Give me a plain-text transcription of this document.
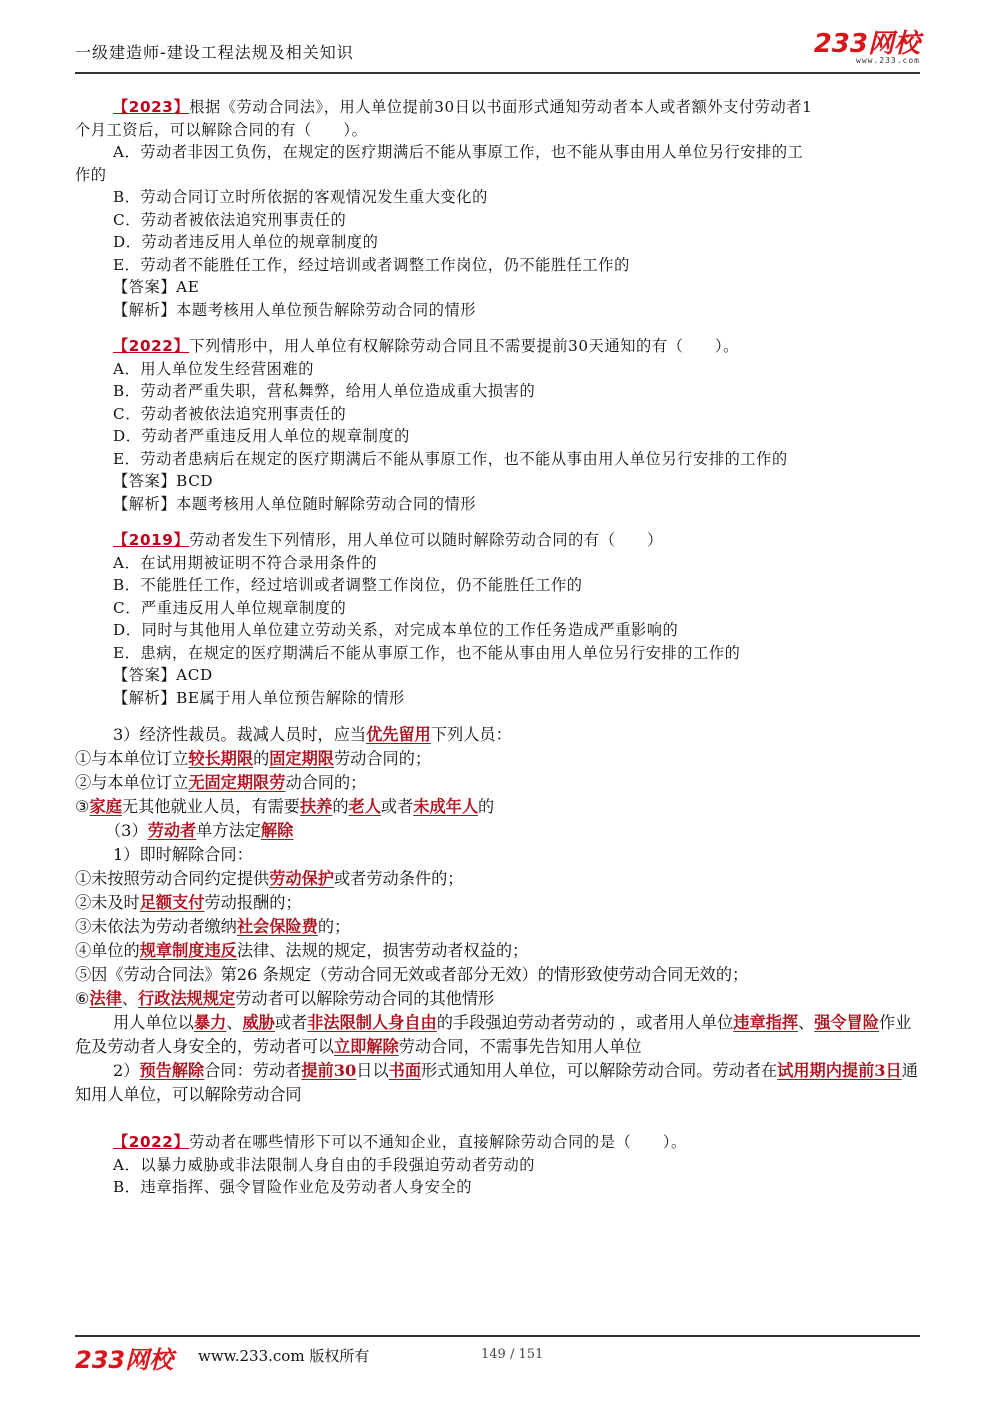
一级建造师-建设工程法规及相关知识	233网校
www.233.com
【2023】根据《劳动合同法》，用人单位提前30日以书面形式通知劳动者本人或者额外支付劳动者1
个月工资后，可以解除合同的有（　　）。
A．劳动者非因工负伤，在规定的医疗期满后不能从事原工作，也不能从事由用人单位另行安排的工
作的
B．劳动合同订立时所依据的客观情况发生重大变化的
C．劳动者被依法追究刑事责任的
D．劳动者违反用人单位的规章制度的
E．劳动者不能胜任工作，经过培训或者调整工作岗位，仍不能胜任工作的
【答案】AE
【解析】本题考核用人单位预告解除劳动合同的情形
【2022】下列情形中，用人单位有权解除劳动合同且不需要提前30天通知的有（　　）。
A．用人单位发生经营困难的
B．劳动者严重失职，营私舞弊，给用人单位造成重大损害的
C．劳动者被依法追究刑事责任的
D．劳动者严重违反用人单位的规章制度的
E．劳动者患病后在规定的医疗期满后不能从事原工作，也不能从事由用人单位另行安排的工作的
【答案】BCD
【解析】本题考核用人单位随时解除劳动合同的情形
【2019】劳动者发生下列情形，用人单位可以随时解除劳动合同的有（　　）
A．在试用期被证明不符合录用条件的
B．不能胜任工作，经过培训或者调整工作岗位，仍不能胜任工作的
C．严重违反用人单位规章制度的
D．同时与其他用人单位建立劳动关系，对完成本单位的工作任务造成严重影响的
E．患病，在规定的医疗期满后不能从事原工作，也不能从事由用人单位另行安排的工作的
【答案】ACD
【解析】BE属于用人单位预告解除的情形
3）经济性裁员。裁减人员时，应当优先留用下列人员：
①与本单位订立较长期限的固定期限劳动合同的；
②与本单位订立无固定期限劳动合同的；
③家庭无其他就业人员，有需要扶养的老人或者未成年人的
（3）劳动者单方法定解除
1）即时解除合同：
①未按照劳动合同约定提供劳动保护或者劳动条件的；
②未及时足额支付劳动报酬的；
③未依法为劳动者缴纳社会保险费的；
④单位的规章制度违反法律、法规的规定，损害劳动者权益的；
⑤因《劳动合同法》第26 条规定（劳动合同无效或者部分无效）的情形致使劳动合同无效的；
⑥法律、行政法规规定劳动者可以解除劳动合同的其他情形
用人单位以暴力、威胁或者非法限制人身自由的手段强迫劳动者劳动的 ，或者用人单位违章指挥、强令冒险作业危及劳动者人身安全的，劳动者可以立即解除劳动合同，不需事先告知用人单位
2）预告解除合同：劳动者提前30日以书面形式通知用人单位，可以解除劳动合同。劳动者在试用期内提前3日通知用人单位，可以解除劳动合同
【2022】劳动者在哪些情形下可以不通知企业，直接解除劳动合同的是（　　）。
A．以暴力威胁或非法限制人身自由的手段强迫劳动者劳动的
B．违章指挥、强令冒险作业危及劳动者人身安全的
233网校 www.233.com 版权所有	149 / 151
